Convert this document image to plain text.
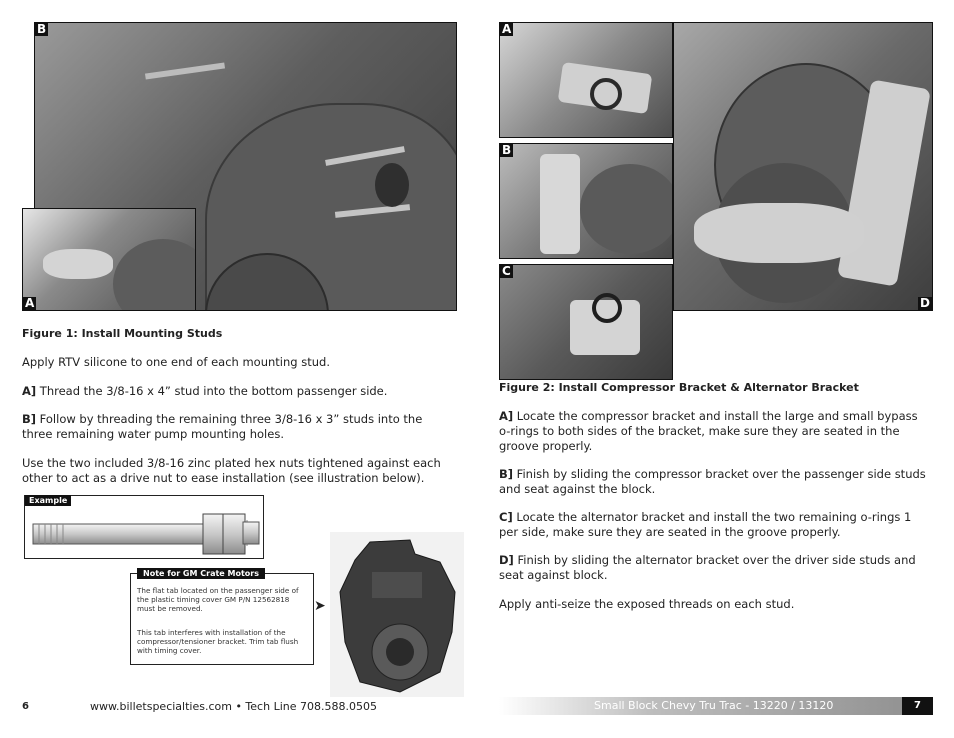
B
A
Figure 1: Install Mounting Studs
Apply RTV silicone to one end of each mounting stud.
A] Thread the 3/8-16 x 4” stud into the bottom passenger side.
B] Follow by threading the remaining three 3/8-16 x 3” studs into the three remaining water pump mounting holes.
Use the two included 3/8-16 zinc plated hex nuts tightened against each other to act as a drive nut to ease installation (see illustration below).
Example
Note for GM Crate Motors
The flat tab located on the passenger side of the plastic timing cover GM P/N 12562818 must be removed.
This tab interferes with installation of the compressor/tensioner bracket. Trim tab flush with timing cover.
➤
6	www.billetspecialties.com • Tech Line 708.588.0505
A
B
C
D
Figure 2: Install Compressor Bracket & Alternator Bracket
A] Locate the compressor bracket and install the large and small bypass o-rings to both sides of the bracket, make sure they are seated in the groove properly.
B] Finish by sliding the compressor bracket over the passenger side studs and seat against the block.
C] Locate the alternator bracket and install the two remaining o-rings 1 per side, make sure they are seated in the groove properly.
D] Finish by sliding the alternator bracket over the driver side studs and seat against block.
Apply anti-seize the exposed threads on each stud.
Small Block Chevy Tru Trac - 13220 / 13120	7
